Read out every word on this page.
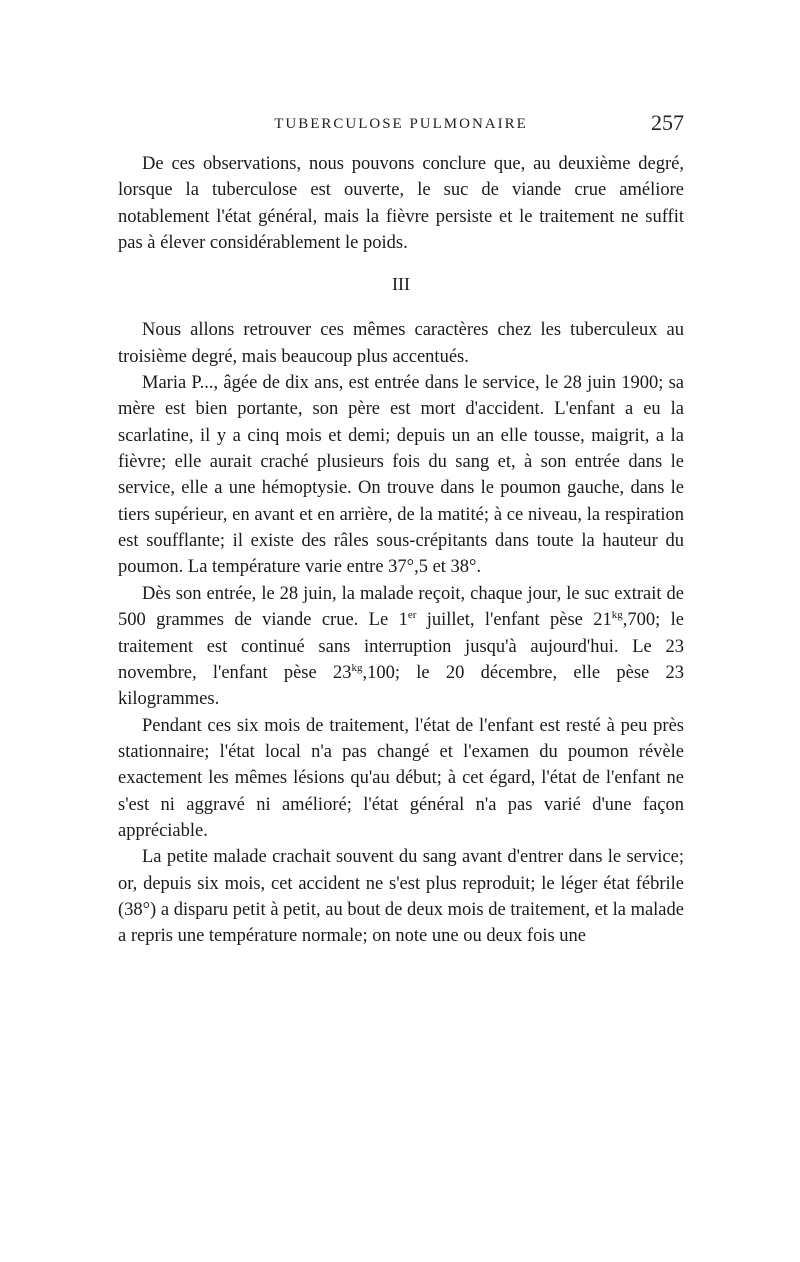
TUBERCULOSE PULMONAIRE	257

De ces observations, nous pouvons conclure que, au deuxième degré, lorsque la tuberculose est ouverte, le suc de viande crue améliore notablement l'état général, mais la fièvre persiste et le traitement ne suffit pas à élever considérablement le poids.

III

Nous allons retrouver ces mêmes caractères chez les tuberculeux au troisième degré, mais beaucoup plus accentués.

Maria P..., âgée de dix ans, est entrée dans le service, le 28 juin 1900; sa mère est bien portante, son père est mort d'accident. L'enfant a eu la scarlatine, il y a cinq mois et demi; depuis un an elle tousse, maigrit, a la fièvre; elle aurait craché plusieurs fois du sang et, à son entrée dans le service, elle a une hémoptysie. On trouve dans le poumon gauche, dans le tiers supérieur, en avant et en arrière, de la matité; à ce niveau, la respiration est soufflante; il existe des râles sous-crépitants dans toute la hauteur du poumon. La température varie entre 37°,5 et 38°.

Dès son entrée, le 28 juin, la malade reçoit, chaque jour, le suc extrait de 500 grammes de viande crue. Le 1er juillet, l'enfant pèse $21^{kg},700$; le traitement est continué sans interruption jusqu'à aujourd'hui. Le 23 novembre, l'enfant pèse $23^{kg},100$; le 20 décembre, elle pèse 23 kilogrammes.

Pendant ces six mois de traitement, l'état de l'enfant est resté à peu près stationnaire; l'état local n'a pas changé et l'examen du poumon révèle exactement les mêmes lésions qu'au début; à cet égard, l'état de l'enfant ne s'est ni aggravé ni amélioré; l'état général n'a pas varié d'une façon appréciable.

La petite malade crachait souvent du sang avant d'entrer dans le service; or, depuis six mois, cet accident ne s'est plus reproduit; le léger état fébrile (38°) a disparu petit à petit, au bout de deux mois de traitement, et la malade a repris une température normale; on note une ou deux fois une
